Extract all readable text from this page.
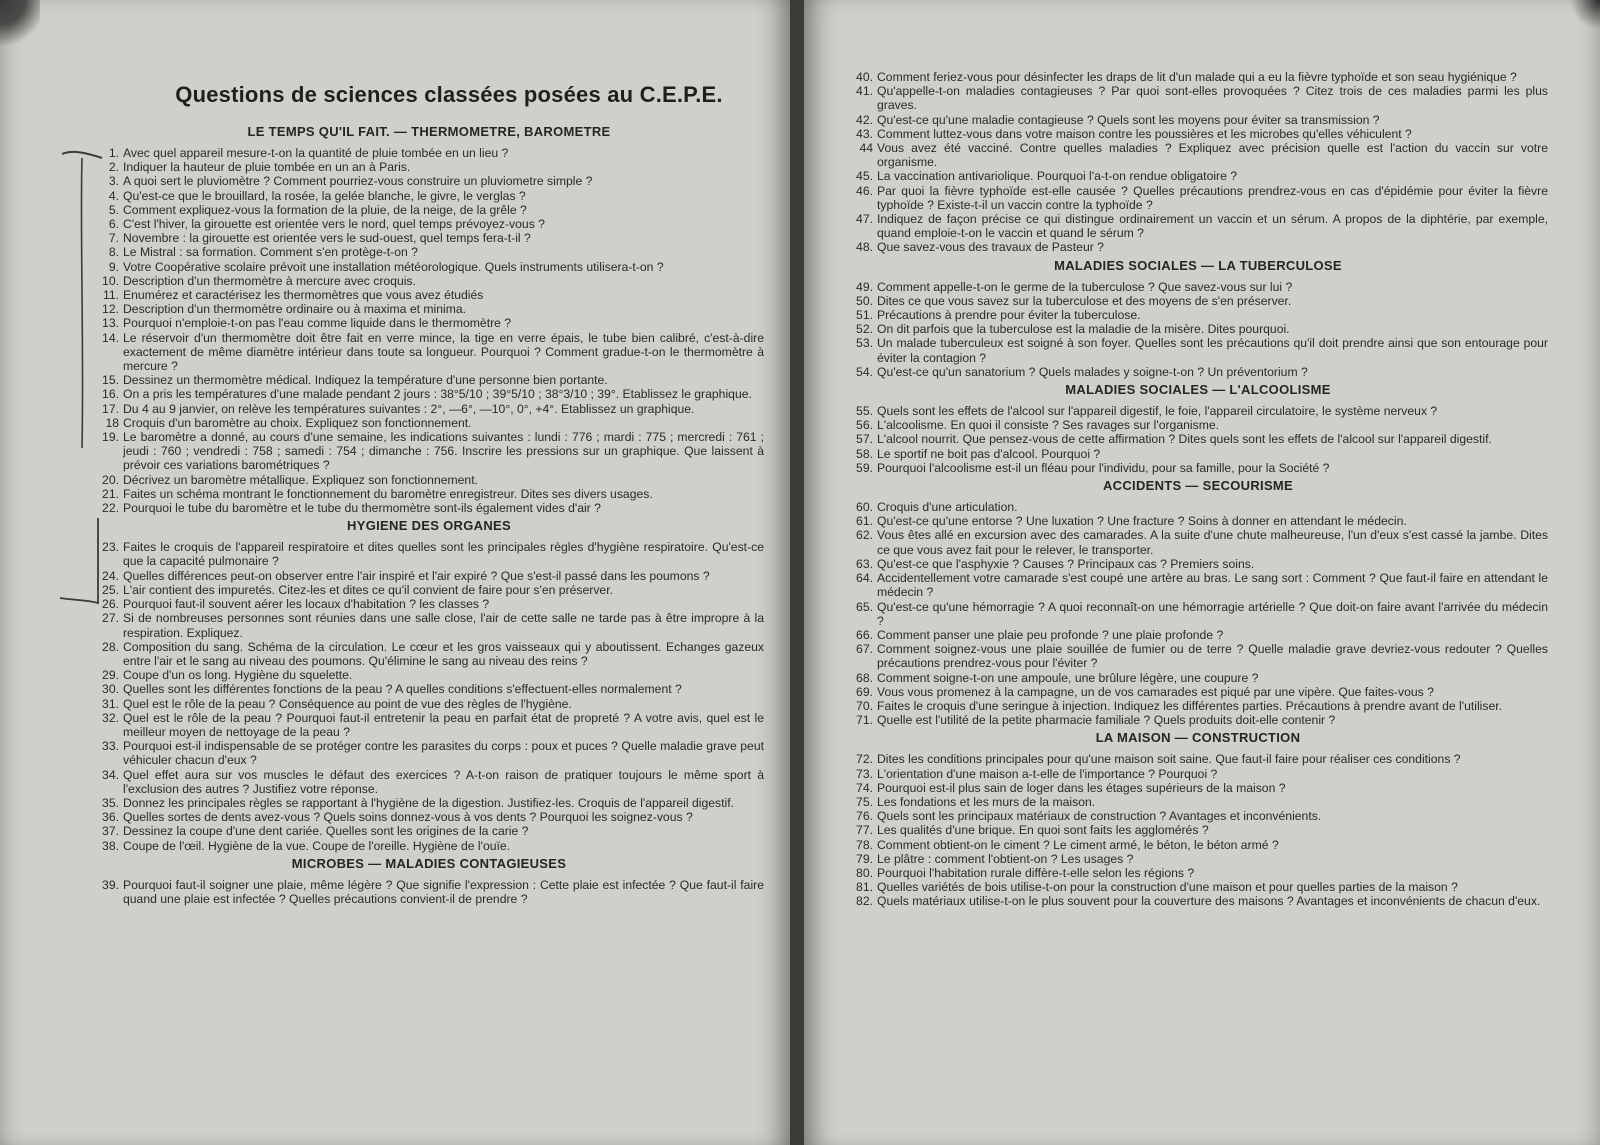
Questions de sciences classées posées au C.E.P.E.
LE TEMPS QU'IL FAIT. — THERMOMETRE, BAROMETRE
1. Avec quel appareil mesure-t-on la quantité de pluie tombée en un lieu ?
2. Indiquer la hauteur de pluie tombée en un an à Paris.
3. A quoi sert le pluviomètre ? Comment pourriez-vous construire un pluviometre simple ?
4. Qu'est-ce que le brouillard, la rosée, la gelée blanche, le givre, le verglas ?
5. Comment expliquez-vous la formation de la pluie, de la neige, de la grêle ?
6. C'est l'hiver, la girouette est orientée vers le nord, quel temps prévoyez-vous ?
7. Novembre : la girouette est orientée vers le sud-ouest, quel temps fera-t-il ?
8. Le Mistral : sa formation. Comment s'en protège-t-on ?
9. Votre Coopérative scolaire prévoit une installation météorologique. Quels instruments utilisera-t-on ?
10. Description d'un thermomètre à mercure avec croquis.
11. Enumérez et caractérisez les thermomètres que vous avez étudiés
12. Description d'un thermomètre ordinaire ou à maxima et minima.
13. Pourquoi n'emploie-t-on pas l'eau comme liquide dans le thermomètre ?
14. Le réservoir d'un thermomètre doit être fait en verre mince, la tige en verre épais, le tube bien calibré, c'est-à-dire exactement de même diamètre intérieur dans toute sa longueur. Pourquoi ? Comment gradue-t-on le thermomètre à mercure ?
15. Dessinez un thermomètre médical. Indiquez la température d'une personne bien portante.
16. On a pris les températures d'une malade pendant 2 jours : 38°5/10 ; 39°5/10 ; 38°3/10 ; 39°. Etablissez le graphique.
17. Du 4 au 9 janvier, on relève les températures suivantes : 2°, —6°, —10°, 0°, +4°. Etablissez un graphique.
18 Croquis d'un baromètre au choix. Expliquez son fonctionnement.
19. Le baromètre a donné, au cours d'une semaine, les indications suivantes : lundi : 776 ; mardi : 775 ; mercredi : 761 ; jeudi : 760 ; vendredi : 758 ; samedi : 754 ; dimanche : 756. Inscrire les pressions sur un graphique. Que laissent à prévoir ces variations barométriques ?
20. Décrivez un baromètre métallique. Expliquez son fonctionnement.
21. Faites un schéma montrant le fonctionnement du baromètre enregistreur. Dites ses divers usages.
22. Pourquoi le tube du baromètre et le tube du thermomètre sont-ils également vides d'air ?
HYGIENE DES ORGANES
23. Faites le croquis de l'appareil respiratoire et dites quelles sont les principales règles d'hygiène respiratoire. Qu'est-ce que la capacité pulmonaire ?
24. Quelles différences peut-on observer entre l'air inspiré et l'air expiré ? Que s'est-il passé dans les poumons ?
25. L'air contient des impuretés. Citez-les et dites ce qu'il convient de faire pour s'en préserver.
26. Pourquoi faut-il souvent aérer les locaux d'habitation ? les classes ?
27. Si de nombreuses personnes sont réunies dans une salle close, l'air de cette salle ne tarde pas à être impropre à la respiration. Expliquez.
28. Composition du sang. Schéma de la circulation. Le cœur et les gros vaisseaux qui y aboutissent. Echanges gazeux entre l'air et le sang au niveau des poumons. Qu'élimine le sang au niveau des reins ?
29. Coupe d'un os long. Hygiène du squelette.
30. Quelles sont les différentes fonctions de la peau ? A quelles conditions s'effectuent-elles normalement ?
31. Quel est le rôle de la peau ? Conséquence au point de vue des règles de l'hygiène.
32. Quel est le rôle de la peau ? Pourquoi faut-il entretenir la peau en parfait état de propreté ? A votre avis, quel est le meilleur moyen de nettoyage de la peau ?
33. Pourquoi est-il indispensable de se protéger contre les parasites du corps : poux et puces ? Quelle maladie grave peut véhiculer chacun d'eux ?
34. Quel effet aura sur vos muscles le défaut des exercices ? A-t-on raison de pratiquer toujours le même sport à l'exclusion des autres ? Justifiez votre réponse.
35. Donnez les principales règles se rapportant à l'hygiène de la digestion. Justifiez-les. Croquis de l'appareil digestif.
36. Quelles sortes de dents avez-vous ? Quels soins donnez-vous à vos dents ? Pourquoi les soignez-vous ?
37. Dessinez la coupe d'une dent cariée. Quelles sont les origines de la carie ?
38. Coupe de l'œil. Hygiène de la vue. Coupe de l'oreille. Hygiène de l'ouïe.
MICROBES — MALADIES CONTAGIEUSES
39. Pourquoi faut-il soigner une plaie, même légère ? Que signifie l'expression : Cette plaie est infectée ? Que faut-il faire quand une plaie est infectée ? Quelles précautions convient-il de prendre ?
40. Comment feriez-vous pour désinfecter les draps de lit d'un malade qui a eu la fièvre typhoïde et son seau hygiénique ?
41. Qu'appelle-t-on maladies contagieuses ? Par quoi sont-elles provoquées ? Citez trois de ces maladies parmi les plus graves.
42. Qu'est-ce qu'une maladie contagieuse ? Quels sont les moyens pour éviter sa transmission ?
43. Comment luttez-vous dans votre maison contre les poussières et les microbes qu'elles véhiculent ?
44 Vous avez été vacciné. Contre quelles maladies ? Expliquez avec précision quelle est l'action du vaccin sur votre organisme.
45. La vaccination antivariolique. Pourquoi l'a-t-on rendue obligatoire ?
46. Par quoi la fièvre typhoïde est-elle causée ? Quelles précautions prendrez-vous en cas d'épidémie pour éviter la fièvre typhoïde ? Existe-t-il un vaccin contre la typhoïde ?
47. Indiquez de façon précise ce qui distingue ordinairement un vaccin et un sérum. A propos de la diphtérie, par exemple, quand emploie-t-on le vaccin et quand le sérum ?
48. Que savez-vous des travaux de Pasteur ?
MALADIES SOCIALES — LA TUBERCULOSE
49. Comment appelle-t-on le germe de la tuberculose ? Que savez-vous sur lui ?
50. Dites ce que vous savez sur la tuberculose et des moyens de s'en préserver.
51. Précautions à prendre pour éviter la tuberculose.
52. On dit parfois que la tuberculose est la maladie de la misère. Dites pourquoi.
53. Un malade tuberculeux est soigné à son foyer. Quelles sont les précautions qu'il doit prendre ainsi que son entourage pour éviter la contagion ?
54. Qu'est-ce qu'un sanatorium ? Quels malades y soigne-t-on ? Un préventorium ?
MALADIES SOCIALES — L'ALCOOLISME
55. Quels sont les effets de l'alcool sur l'appareil digestif, le foie, l'appareil circulatoire, le système nerveux ?
56. L'alcoolisme. En quoi il consiste ? Ses ravages sur l'organisme.
57. L'alcool nourrit. Que pensez-vous de cette affirmation ? Dites quels sont les effets de l'alcool sur l'appareil digestif.
58. Le sportif ne boit pas d'alcool. Pourquoi ?
59. Pourquoi l'alcoolisme est-il un fléau pour l'individu, pour sa famille, pour la Société ?
ACCIDENTS — SECOURISME
60. Croquis d'une articulation.
61. Qu'est-ce qu'une entorse ? Une luxation ? Une fracture ? Soins à donner en attendant le médecin.
62. Vous êtes allé en excursion avec des camarades. A la suite d'une chute malheureuse, l'un d'eux s'est cassé la jambe. Dites ce que vous avez fait pour le relever, le transporter.
63. Qu'est-ce que l'asphyxie ? Causes ? Principaux cas ? Premiers soins.
64. Accidentellement votre camarade s'est coupé une artère au bras. Le sang sort : Comment ? Que faut-il faire en attendant le médecin ?
65. Qu'est-ce qu'une hémorragie ? A quoi reconnaît-on une hémorragie artérielle ? Que doit-on faire avant l'arrivée du médecin ?
66. Comment panser une plaie peu profonde ? une plaie profonde ?
67. Comment soignez-vous une plaie souillée de fumier ou de terre ? Quelle maladie grave devriez-vous redouter ? Quelles précautions prendrez-vous pour l'éviter ?
68. Comment soigne-t-on une ampoule, une brûlure légère, une coupure ?
69. Vous vous promenez à la campagne, un de vos camarades est piqué par une vipère. Que faites-vous ?
70. Faites le croquis d'une seringue à injection. Indiquez les différentes parties. Précautions à prendre avant de l'utiliser.
71. Quelle est l'utilité de la petite pharmacie familiale ? Quels produits doit-elle contenir ?
LA MAISON — CONSTRUCTION
72. Dites les conditions principales pour qu'une maison soit saine. Que faut-il faire pour réaliser ces conditions ?
73. L'orientation d'une maison a-t-elle de l'importance ? Pourquoi ?
74. Pourquoi est-il plus sain de loger dans les étages supérieurs de la maison ?
75. Les fondations et les murs de la maison.
76. Quels sont les principaux matériaux de construction ? Avantages et inconvénients.
77. Les qualités d'une brique. En quoi sont faits les agglomérés ?
78. Comment obtient-on le ciment ? Le ciment armé, le béton, le béton armé ?
79. Le plâtre : comment l'obtient-on ? Les usages ?
80. Pourquoi l'habitation rurale diffère-t-elle selon les régions ?
81. Quelles variétés de bois utilise-t-on pour la construction d'une maison et pour quelles parties de la maison ?
82. Quels matériaux utilise-t-on le plus souvent pour la couverture des maisons ? Avantages et inconvénients de chacun d'eux.
